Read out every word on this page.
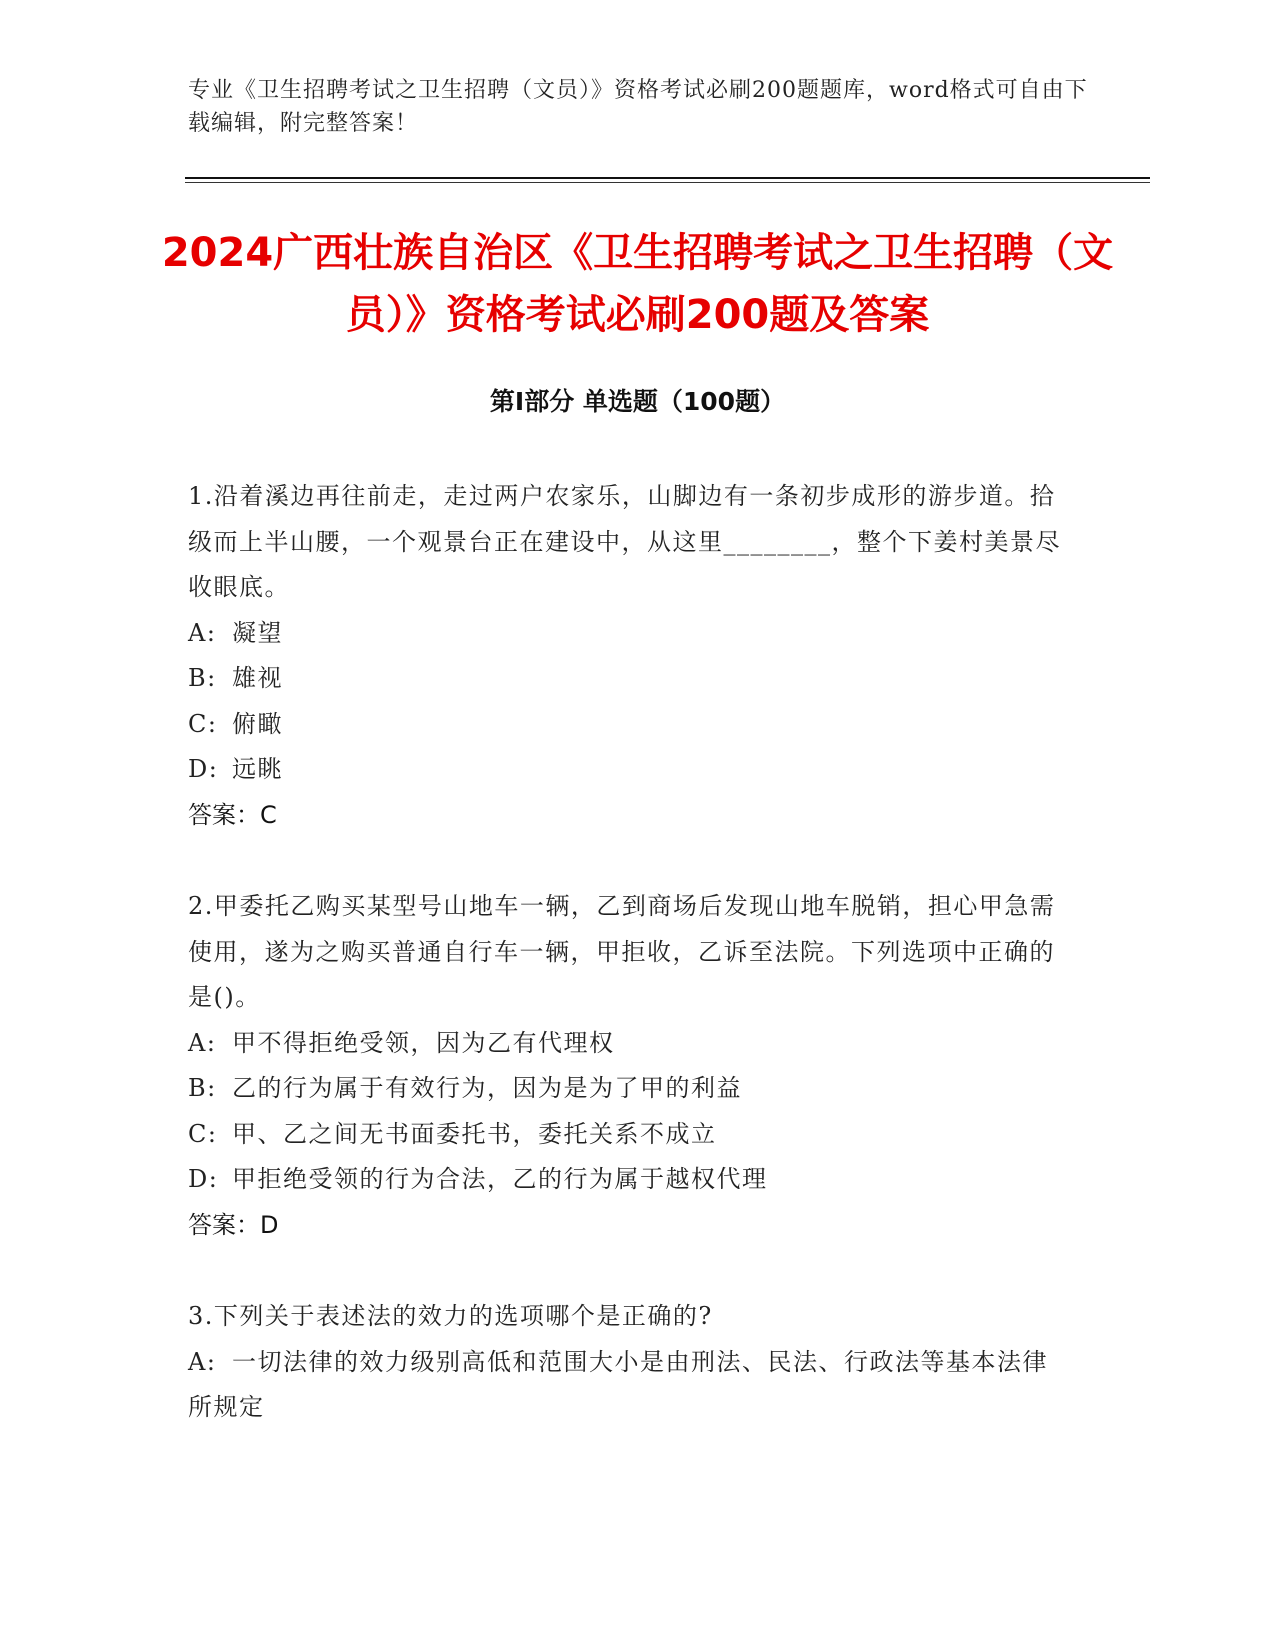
专业《卫生招聘考试之卫生招聘（文员）》资格考试必刷200题题库，word格式可自由下载编辑，附完整答案！
2024广西壮族自治区《卫生招聘考试之卫生招聘（文员）》资格考试必刷200题及答案
第Ⅰ部分 单选题（100题）
1.沿着溪边再往前走，走过两户农家乐，山脚边有一条初步成形的游步道。拾级而上半山腰，一个观景台正在建设中，从这里________，整个下姜村美景尽收眼底。
A: 凝望
B: 雄视
C: 俯瞰
D: 远眺
答案：C
2.甲委托乙购买某型号山地车一辆，乙到商场后发现山地车脱销，担心甲急需使用，遂为之购买普通自行车一辆，甲拒收，乙诉至法院。下列选项中正确的是()。
A: 甲不得拒绝受领，因为乙有代理权
B: 乙的行为属于有效行为，因为是为了甲的利益
C: 甲、乙之间无书面委托书，委托关系不成立
D: 甲拒绝受领的行为合法，乙的行为属于越权代理
答案：D
3.下列关于表述法的效力的选项哪个是正确的?
A: 一切法律的效力级别高低和范围大小是由刑法、民法、行政法等基本法律所规定
